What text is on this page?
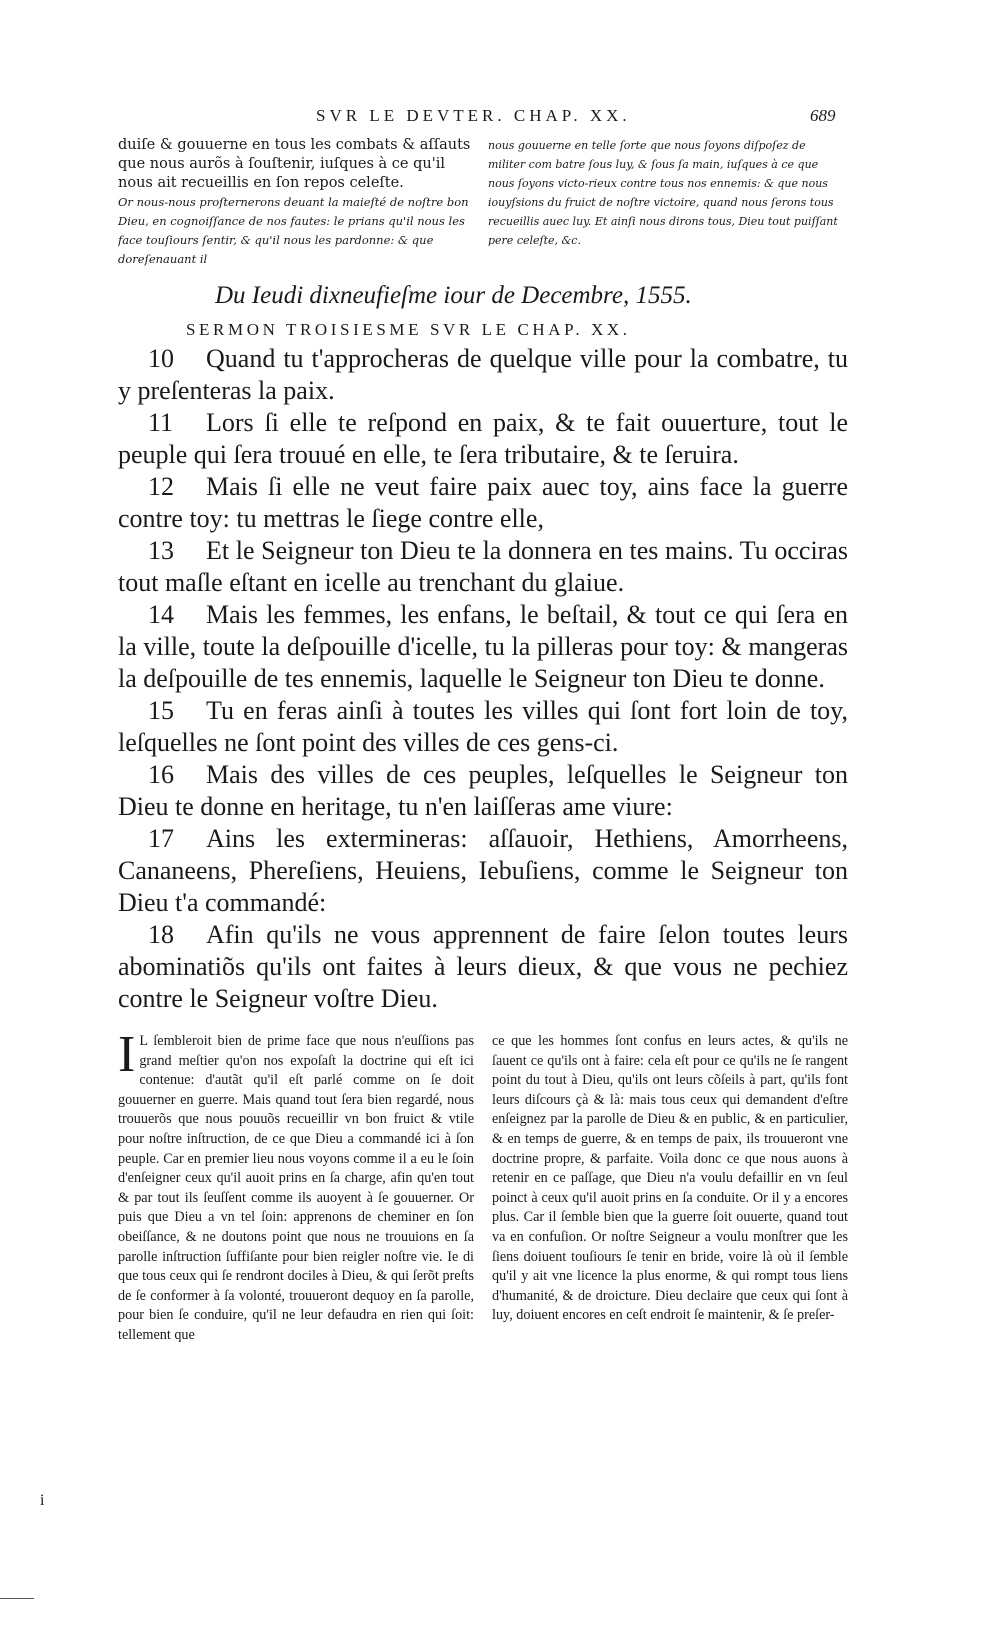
SVR LE DEVTER. CHAP. XX.	689

duiſe & gouuerne en tous les combats & aſſauts que nous aurõs à ſouſtenir, iuſques à ce qu'il nous ait recueillis en ſon repos celeſte.

Or nous-nous proſternerons deuant la maieſté de noſtre bon Dieu, en cognoiſſance de nos fautes: le prians qu'il nous les face touſiours ſentir, & qu'il nous les pardonne: & que doreſenauant il

nous gouuerne en telle ſorte que nous ſoyons diſpoſez de militer com batre ſous luy, & ſous ſa main, iuſques à ce que nous ſoyons victo-rieux contre tous nos ennemis: & que nous iouyſsions du fruict de noſtre victoire, quand nous ſerons tous recueillis auec luy. Et ainſi nous dirons tous, Dieu tout puiſſant pere celeſte, &c.

Du Ieudi dixneufieſme iour de Decembre, 1555.
SERMON TROISIESME SVR LE CHAP. XX.

10 Quand tu t'approcheras de quelque ville pour la combatre, tu y preſenteras la paix.

11 Lors ſi elle te reſpond en paix, & te fait ouuerture, tout le peuple qui ſera trouué en elle, te ſera tributaire, & te ſeruira.

12 Mais ſi elle ne veut faire paix auec toy, ains face la guerre contre toy: tu mettras le ſiege contre elle,

13 Et le Seigneur ton Dieu te la donnera en tes mains. Tu occiras tout maſle eſtant en icelle au trenchant du glaiue.

14 Mais les femmes, les enfans, le beſtail, & tout ce qui ſera en la ville, toute la deſpouille d'icelle, tu la pilleras pour toy: & mangeras la deſpouille de tes ennemis, laquelle le Seigneur ton Dieu te donne.

15 Tu en feras ainſi à toutes les villes qui ſont fort loin de toy, leſquelles ne ſont point des villes de ces gens-ci.

16 Mais des villes de ces peuples, leſquelles le Seigneur ton Dieu te donne en heritage, tu n'en laiſſeras ame viure:

17 Ains les extermineras: aſſauoir, Hethiens, Amorrheens, Cananeens, Phereſiens, Heuiens, Iebuſiens, comme le Seigneur ton Dieu t'a commandé:

18 Afin qu'ils ne vous apprennent de faire ſelon toutes leurs abominatiõs qu'ils ont faites à leurs dieux, & que vous ne pechiez contre le Seigneur voſtre Dieu.

I L ſembleroit bien de prime face que nous n'euſſions pas grand meſtier qu'on nos expoſaſt la doctrine qui eſt ici contenue: d'autãt qu'il eſt parlé comme on ſe doit gouuerner en guerre. Mais quand tout ſera bien regardé, nous trouuerõs que nous pouuõs recueillir vn bon fruict & vtile pour noſtre inſtruction, de ce que Dieu a commandé ici à ſon peuple. Car en premier lieu nous voyons comme il a eu le ſoin d'enſeigner ceux qu'il auoit prins en ſa charge, afin qu'en tout & par tout ils ſeuſſent comme ils auoyent à ſe gouuerner. Or puis que Dieu a vn tel ſoin: apprenons de cheminer en ſon obeiſſance, & ne doutons point que nous ne trouuions en ſa parolle inſtruction ſuffiſante pour bien reigler noſtre vie. Ie di que tous ceux qui ſe rendront dociles à Dieu, & qui ſerõt preſts de ſe conformer à ſa volonté, trouueront dequoy en ſa parolle, pour bien ſe conduire, qu'il ne leur defaudra en rien qui ſoit: tellement que

ce que les hommes ſont confus en leurs actes, & qu'ils ne ſauent ce qu'ils ont à faire: cela eſt pour ce qu'ils ne ſe rangent point du tout à Dieu, qu'ils ont leurs cõſeils à part, qu'ils font leurs diſcours çà & là: mais tous ceux qui demandent d'eſtre enſeignez par la parolle de Dieu & en public, & en particulier, & en temps de guerre, & en temps de paix, ils trouueront vne doctrine propre, & parfaite. Voila donc ce que nous auons à retenir en ce paſſage, que Dieu n'a voulu defaillir en vn ſeul poinct à ceux qu'il auoit prins en ſa conduite. Or il y a encores plus. Car il ſemble bien que la guerre ſoit ouuerte, quand tout va en confuſion. Or noſtre Seigneur a voulu monſtrer que les ſiens doiuent touſiours ſe tenir en bride, voire là où il ſemble qu'il y ait vne licence la plus enorme, & qui rompt tous liens d'humanité, & de droicture. Dieu declaire que ceux qui ſont à luy, doiuent encores en ceſt endroit ſe maintenir, & ſe preſer-

i
